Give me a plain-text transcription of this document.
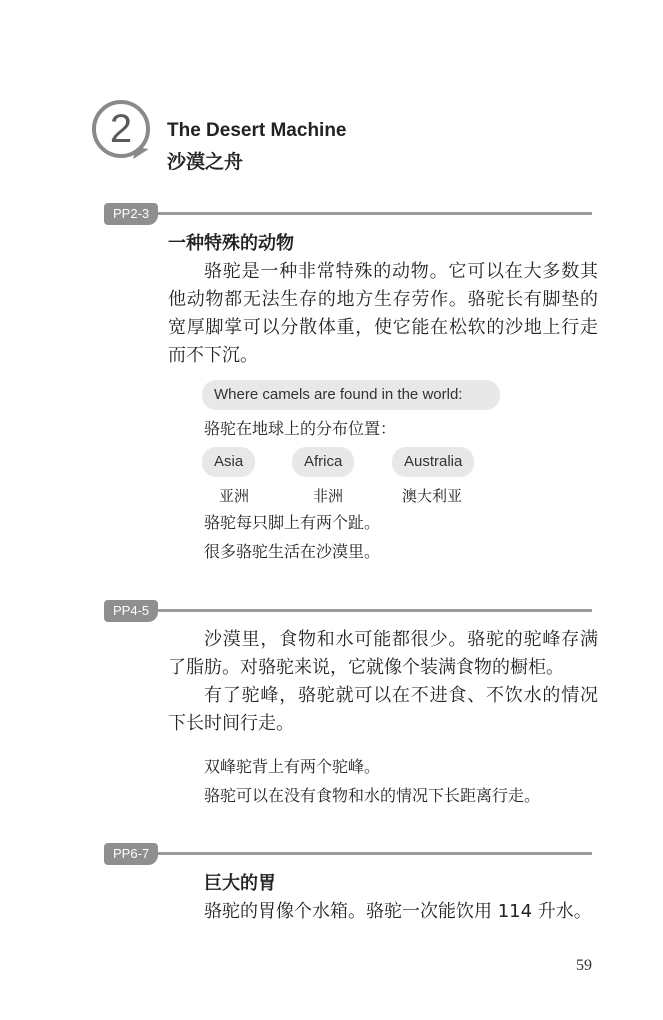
2	The Desert Machine
沙漠之舟
PP2-3
一种特殊的动物
骆驼是一种非常特殊的动物。它可以在大多数其他动物都无法生存的地方生存劳作。骆驼长有脚垫的宽厚脚掌可以分散体重，使它能在松软的沙地上行走而不下沉。
Where camels are found in the world:
骆驼在地球上的分布位置：
Asia	Africa	Australia
亚洲	非洲	澳大利亚
骆驼每只脚上有两个趾。
很多骆驼生活在沙漠里。
PP4-5
沙漠里，食物和水可能都很少。骆驼的驼峰存满了脂肪。对骆驼来说，它就像个装满食物的橱柜。
有了驼峰，骆驼就可以在不进食、不饮水的情况下长时间行走。
双峰驼背上有两个驼峰。
骆驼可以在没有食物和水的情况下长距离行走。
PP6-7
巨大的胃
骆驼的胃像个水箱。骆驼一次能饮用 114 升水。
59
